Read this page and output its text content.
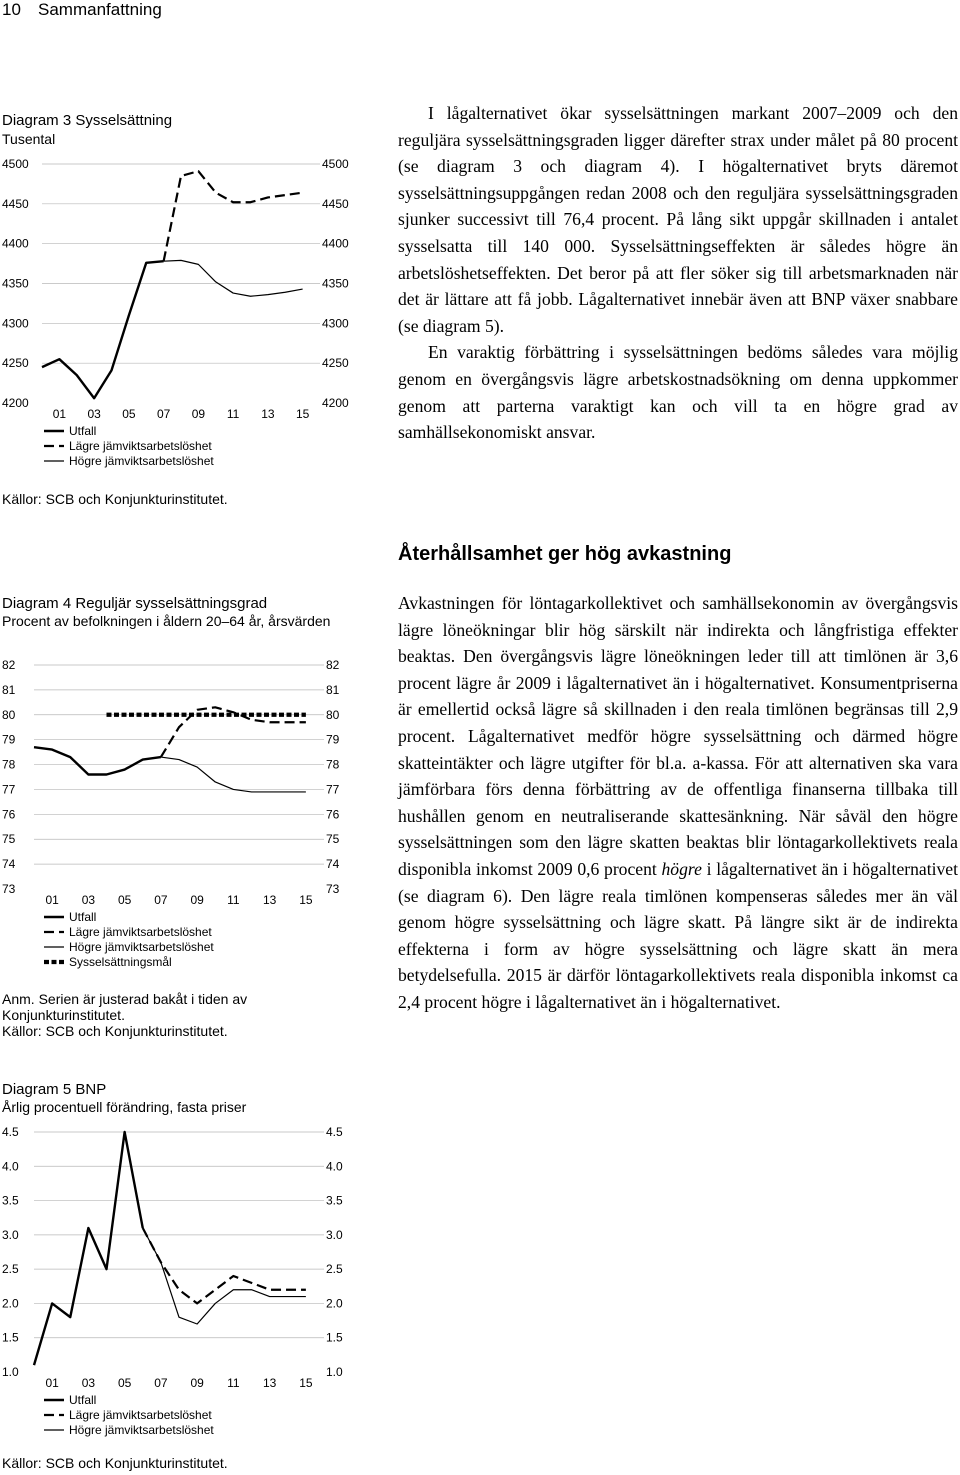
10 Sammanfattning
Diagram 3 Sysselsättning
Tusental
4500	4500
4450	4450
4400	4400
4350	4350
4300	4300
4250	4250
4200	4200
01 03 05 07 09 11 13 15
Utfall
Lägre jämviktsarbetslöshet
Högre jämviktsarbetslöshet
Källor: SCB och Konjunkturinstitutet.

I lågalternativet ökar sysselsättningen markant 2007–2009 och den reguljära sysselsättningsgraden ligger därefter strax under målet på 80 procent (se diagram 3 och diagram 4). I högalternativet bryts däremot sysselsättningsuppgången redan 2008 och den reguljära sysselsättningsgraden sjunker successivt till 76,4 procent. På lång sikt uppgår skillnaden i antalet sysselsatta till 140 000. Sysselsättningseffekten är således högre än arbetslöshetseffekten. Det beror på att fler söker sig till arbetsmarknaden när det är lättare att få jobb. Lågalternativet innebär även att BNP växer snabbare (se diagram 5).

En varaktig förbättring i sysselsättningen bedöms således vara möjlig genom en övergångsvis lägre arbetskostnadsökning om denna uppkommer genom att parterna varaktigt kan och vill ta en högre grad av samhällsekonomiskt ansvar.

Återhållsamhet ger hög avkastning
Diagram 4 Reguljär sysselsättningsgrad
Procent av befolkningen i åldern 20–64 år, årsvärden
82	82
81	81
80	80
79	79
78	78
77	77
76	76
75	75
74	74
73	73
01 03 05 07 09 11 13 15
Utfall
Lägre jämviktsarbetslöshet
Högre jämviktsarbetslöshet
Sysselsättningsmål
Anm. Serien är justerad bakåt i tiden av Konjunkturinstitutet.
Källor: SCB och Konjunkturinstitutet.
Diagram 5 BNP
Årlig procentuell förändring, fasta priser
4.5	4.5
4.0	4.0
3.5	3.5
3.0	3.0
2.5	2.5
2.0	2.0
1.5	1.5
1.0	1.0
01 03 05 07 09 11 13 15
Utfall
Lägre jämviktsarbetslöshet
Högre jämviktsarbetslöshet
Källor: SCB och Konjunkturinstitutet.

Avkastningen för löntagarkollektivet och samhällsekonomin av övergångsvis lägre löneökningar blir hög särskilt när indirekta och långfristiga effekter beaktas. Den övergångsvis lägre löneökningen leder till att timlönen är 3,6 procent lägre år 2009 i lågalternativet än i högalternativet. Konsumentpriserna är emellertid också lägre så skillnaden i den reala timlönen begränsas till 2,9 procent. Lågalternativet medför högre sysselsättning och därmed högre skatteintäkter och lägre utgifter för bl.a. a-kassa. För att alternativen ska vara jämförbara förs denna förbättring av de offentliga finanserna tillbaka till hushållen genom en neutraliserande skattesänkning. När såväl den högre sysselsättningen som den lägre skatten beaktas blir löntagarkollektivets reala disponibla inkomst 2009 0,6 procent högre i lågalternativet än i högalternativet (se diagram 6). Den lägre reala timlönen kompenseras således mer än väl genom högre sysselsättning och lägre skatt. På längre sikt är de indirekta effekterna i form av högre sysselsättning och lägre skatt än mera betydelsefulla. 2015 är därför löntagarkollektivets reala disponibla inkomst ca 2,4 procent högre i lågalternativet än i högalternativet.
